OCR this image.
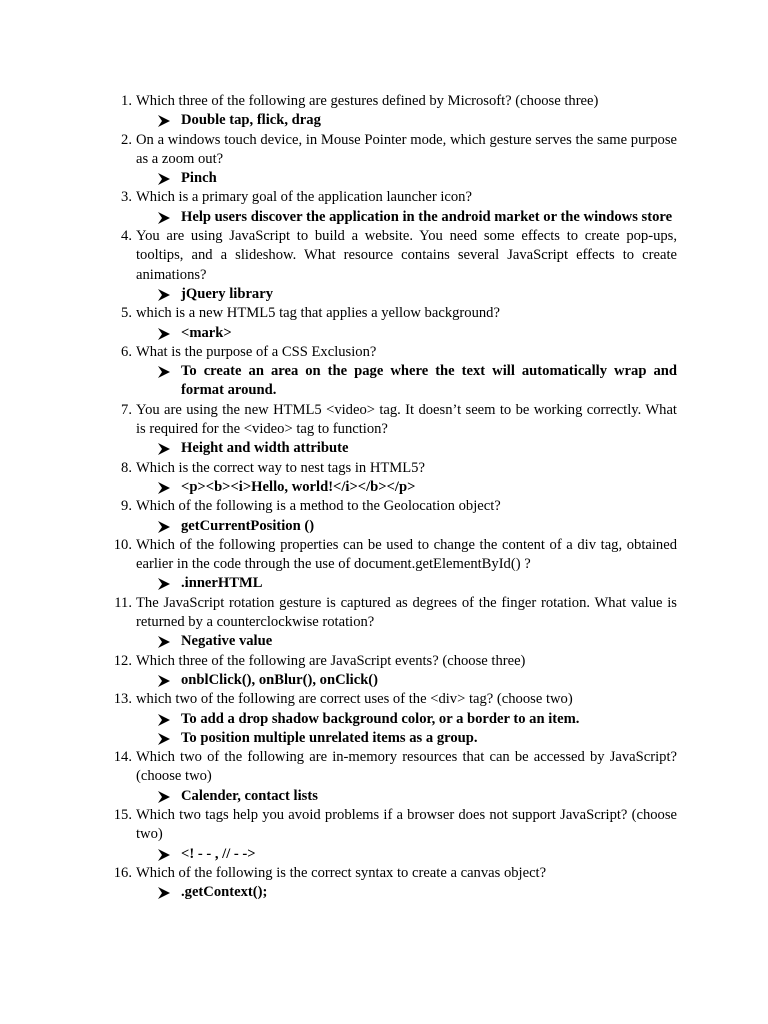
1. Which three of the following are gestures defined by Microsoft? (choose three)
Double tap, flick, drag
2. On a windows touch device, in Mouse Pointer mode, which gesture serves the same purpose as a zoom out?
Pinch
3. Which is a primary goal of the application launcher icon?
Help users discover the application in the android market or the windows store
4. You are using JavaScript to build a website. You need some effects to create pop-ups, tooltips, and a slideshow. What resource contains several JavaScript effects to create animations?
jQuery library
5. which is a new HTML5 tag that applies a yellow background?
<mark>
6. What is the purpose of a CSS Exclusion?
To create an area on the page where the text will automatically wrap and format around.
7. You are using the new HTML5 <video> tag. It doesn’t seem to be working correctly. What is required for the <video> tag to function?
Height and width attribute
8. Which is the correct way to nest tags in HTML5?
<p><b><i>Hello, world!</i></b></p>
9. Which of the following is a method to the Geolocation object?
getCurrentPosition ()
10. Which of the following properties can be used to change the content of a div tag, obtained earlier in the code through the use of document.getElementById() ?
.innerHTML
11. The JavaScript rotation gesture is captured as degrees of the finger rotation. What value is returned by a counterclockwise rotation?
Negative value
12. Which three of the following are JavaScript events? (choose three)
onblClick(), onBlur(), onClick()
13. which two of the following are correct uses of the <div> tag? (choose two)
To add a drop shadow background color, or a border to an item.
To position multiple unrelated items as a group.
14. Which two of the following are in-memory resources that can be accessed by JavaScript? (choose two)
Calender, contact lists
15. Which two tags help you avoid problems if a browser does not support JavaScript? (choose two)
<! - - , // - ->
16. Which of the following is the correct syntax to create a canvas object?
.getContext();
